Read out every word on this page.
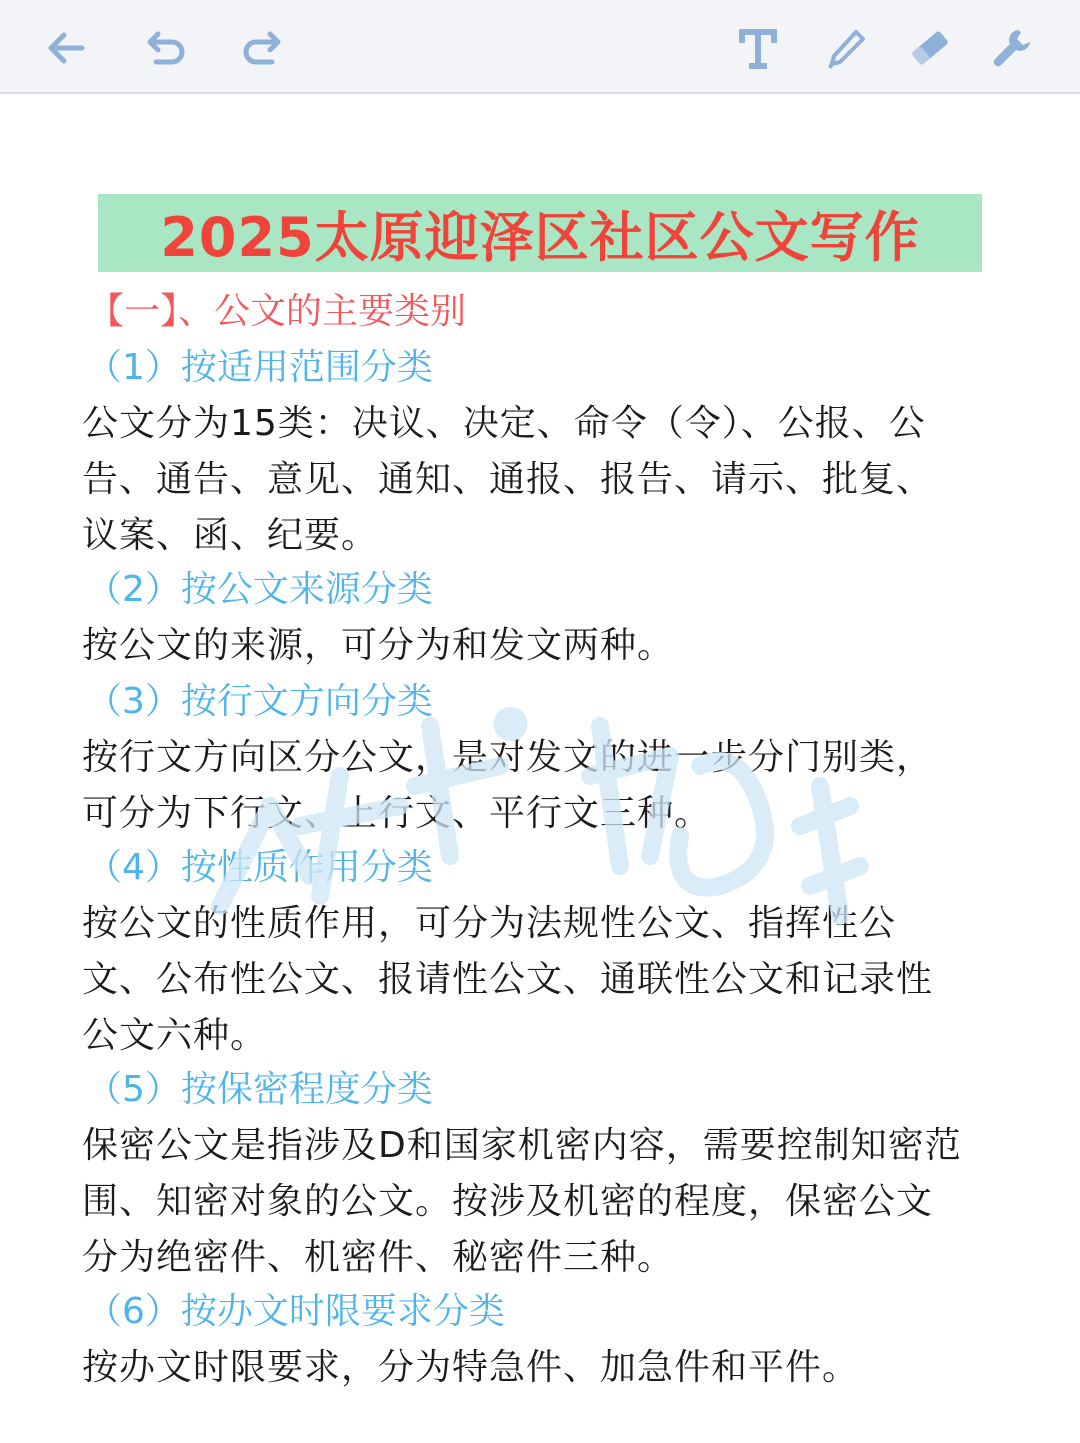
2025太原迎泽区社区公文写作
【一】、公文的主要类别
（1）按适用范围分类
公文分为15类：决议、决定、命令（令）、公报、公
告、通告、意见、通知、通报、报告、请示、批复、
议案、函、纪要。
（2）按公文来源分类
按公文的来源，可分为和发文两种。
（3）按行文方向分类
按行文方向区分公文，是对发文的进一步分门别类，
可分为下行文、上行文、平行文三种。
（4）按性质作用分类
按公文的性质作用，可分为法规性公文、指挥性公
文、公布性公文、报请性公文、通联性公文和记录性
公文六种。
（5）按保密程度分类
保密公文是指涉及D和国家机密内容，需要控制知密范
围、知密对象的公文。按涉及机密的程度，保密公文
分为绝密件、机密件、秘密件三种。
（6）按办文时限要求分类
按办文时限要求，分为特急件、加急件和平件。
